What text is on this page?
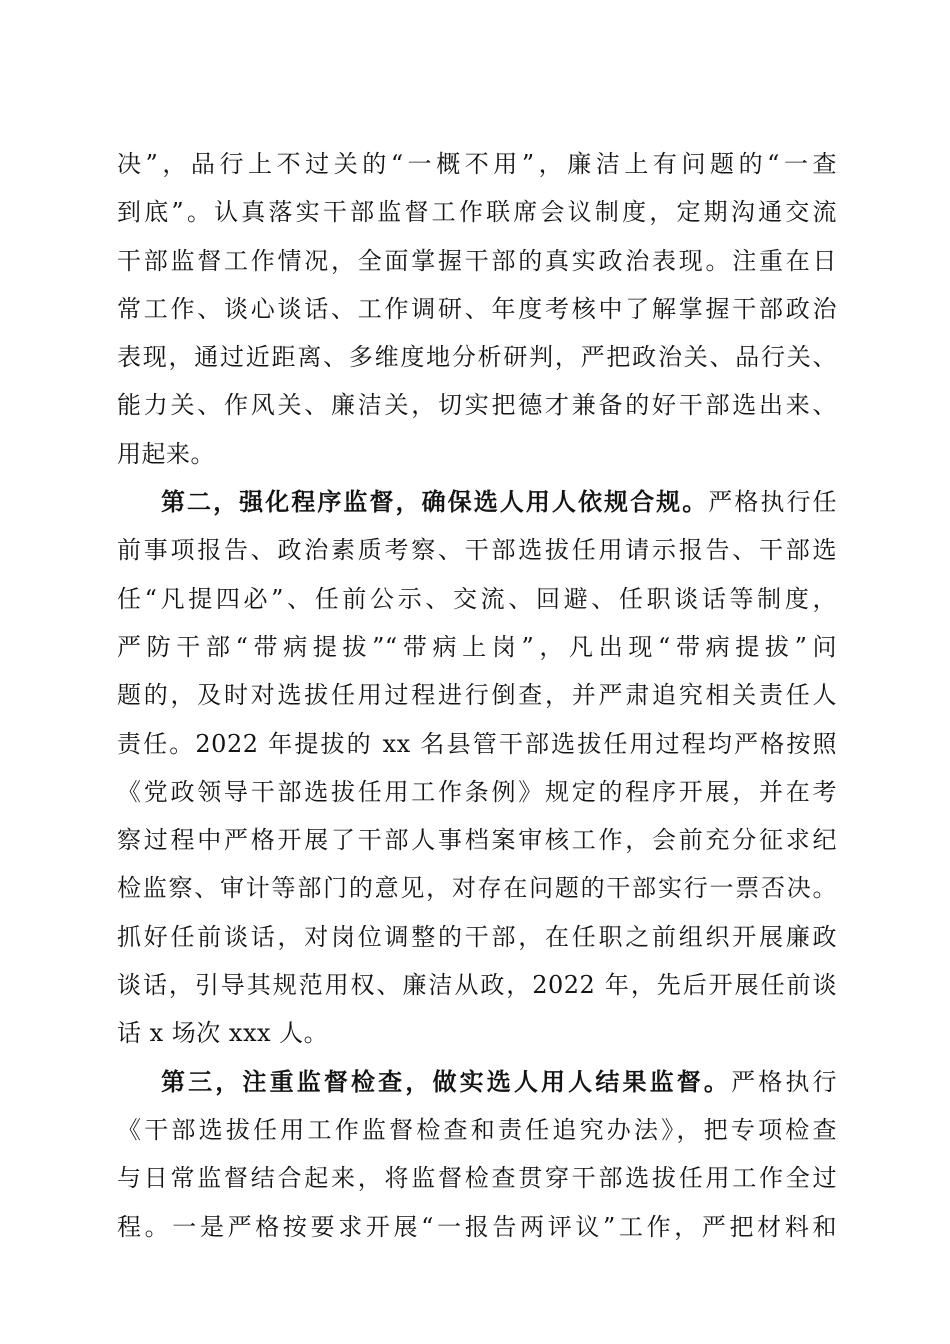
决”，品行上不过关的“一概不用”，廉洁上有问题的“一查
到底”。认真落实干部监督工作联席会议制度，定期沟通交流
干部监督工作情况，全面掌握干部的真实政治表现。注重在日
常工作、谈心谈话、工作调研、年度考核中了解掌握干部政治
表现，通过近距离、多维度地分析研判，严把政治关、品行关、
能力关、作风关、廉洁关，切实把德才兼备的好干部选出来、
用起来。
第二，强化程序监督，确保选人用人依规合规。严格执行任
前事项报告、政治素质考察、干部选拔任用请示报告、干部选
任“凡提四必”、任前公示、交流、回避、任职谈话等制度，
严防干部“带病提拔”“带病上岗”，凡出现“带病提拔”问
题的，及时对选拔任用过程进行倒查，并严肃追究相关责任人
责任。2022 年提拔的 xx 名县管干部选拔任用过程均严格按照
《党政领导干部选拔任用工作条例》规定的程序开展，并在考
察过程中严格开展了干部人事档案审核工作，会前充分征求纪
检监察、审计等部门的意见，对存在问题的干部实行一票否决。
抓好任前谈话，对岗位调整的干部，在任职之前组织开展廉政
谈话，引导其规范用权、廉洁从政，2022 年，先后开展任前谈
话 x 场次 xxx 人。
第三，注重监督检查，做实选人用人结果监督。严格执行
《干部选拔任用工作监督检查和责任追究办法》，把专项检查
与日常监督结合起来，将监督检查贯穿干部选拔任用工作全过
程。一是严格按要求开展“一报告两评议”工作，严把材料和
